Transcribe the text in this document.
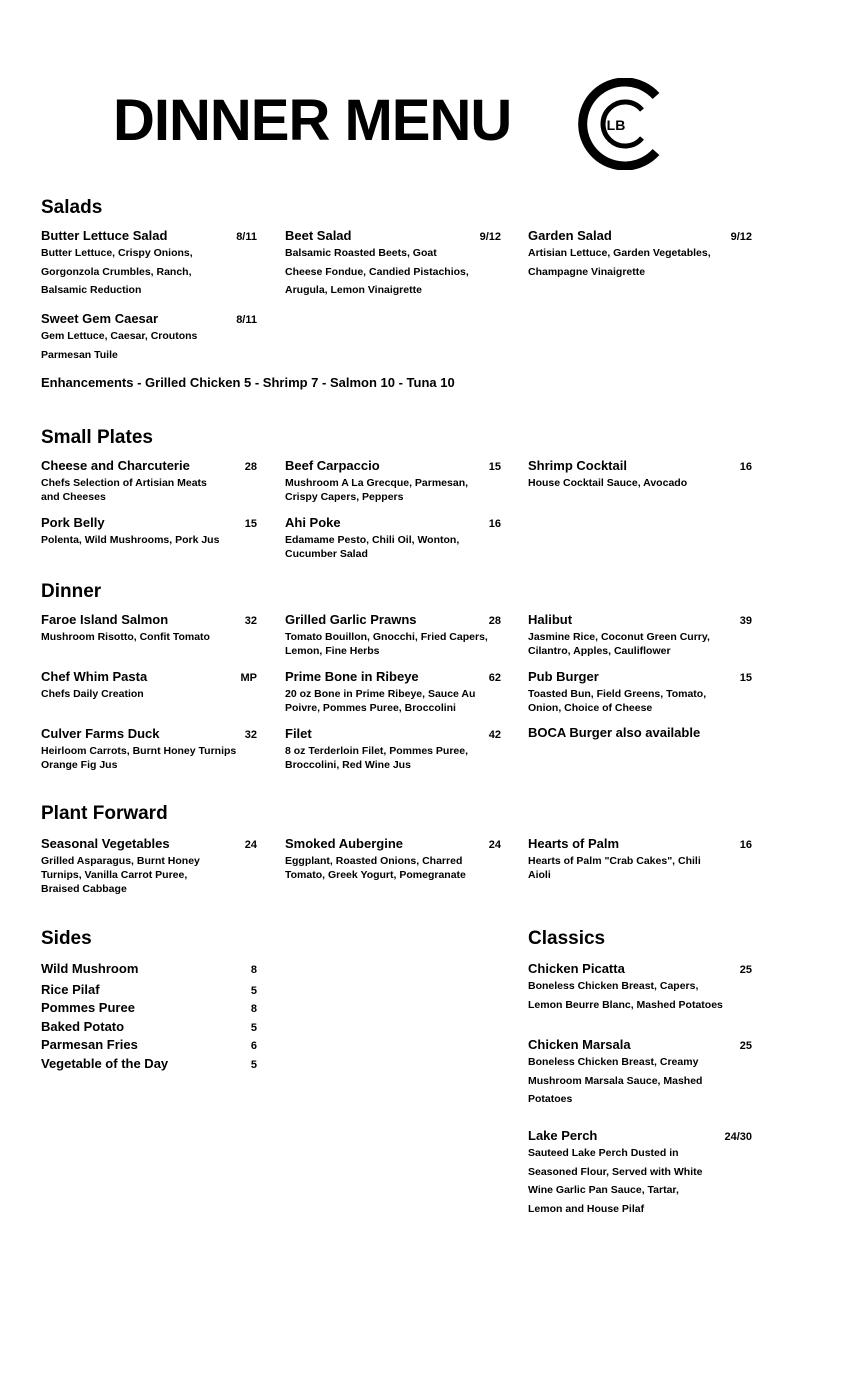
DINNER MENU	LB
Salads
Butter Lettuce Salad	8/11
Butter Lettuce, Crispy Onions,
Gorgonzola Crumbles, Ranch,
Balsamic Reduction
Beet Salad	9/12
Balsamic Roasted Beets, Goat
Cheese Fondue, Candied Pistachios,
Arugula, Lemon Vinaigrette
Garden Salad	9/12
Artisian Lettuce, Garden Vegetables,
Champagne Vinaigrette
Sweet Gem Caesar	8/11
Gem Lettuce, Caesar, Croutons
Parmesan Tuile
Enhancements - Grilled Chicken 5 - Shrimp 7 - Salmon 10 - Tuna 10
Small Plates
Cheese and Charcuterie	28
Chefs Selection of Artisian Meats
and Cheeses
Beef Carpaccio	15
Mushroom A La Grecque, Parmesan,
Crispy Capers, Peppers
Shrimp Cocktail	16
House Cocktail Sauce, Avocado
Pork Belly	15
Polenta, Wild Mushrooms, Pork Jus
Ahi Poke	16
Edamame Pesto, Chili Oil, Wonton,
Cucumber Salad
Dinner
Faroe Island Salmon	32
Mushroom Risotto, Confit Tomato
Grilled Garlic Prawns	28
Tomato Bouillon, Gnocchi, Fried Capers,
Lemon, Fine Herbs
Halibut	39
Jasmine Rice, Coconut Green Curry,
Cilantro, Apples, Cauliflower
Chef Whim Pasta	MP
Chefs Daily Creation
Prime Bone in Ribeye	62
20 oz Bone in Prime Ribeye, Sauce Au
Poivre, Pommes Puree, Broccolini
Pub Burger	15
Toasted Bun, Field Greens, Tomato,
Onion, Choice of Cheese
Culver Farms Duck	32
Heirloom Carrots, Burnt Honey Turnips
Orange Fig Jus
Filet	42
8 oz Terderloin Filet, Pommes Puree,
Broccolini, Red Wine Jus
BOCA Burger also available
Plant Forward
Seasonal Vegetables	24
Grilled Asparagus, Burnt Honey
Turnips, Vanilla Carrot Puree,
Braised Cabbage
Smoked Aubergine	24
Eggplant, Roasted Onions, Charred
Tomato, Greek Yogurt, Pomegranate
Hearts of Palm	16
Hearts of Palm "Crab Cakes", Chili
Aioli
Sides
Wild Mushroom	8
Rice Pilaf	5
Pommes Puree	8
Baked Potato	5
Parmesan Fries	6
Vegetable of the Day	5
Classics
Chicken Picatta	25
Boneless Chicken Breast, Capers,
Lemon Beurre Blanc, Mashed Potatoes
Chicken Marsala	25
Boneless Chicken Breast, Creamy
Mushroom Marsala Sauce, Mashed
Potatoes
Lake Perch	24/30
Sauteed Lake Perch Dusted in
Seasoned Flour, Served with White
Wine Garlic Pan Sauce, Tartar,
Lemon and House Pilaf
